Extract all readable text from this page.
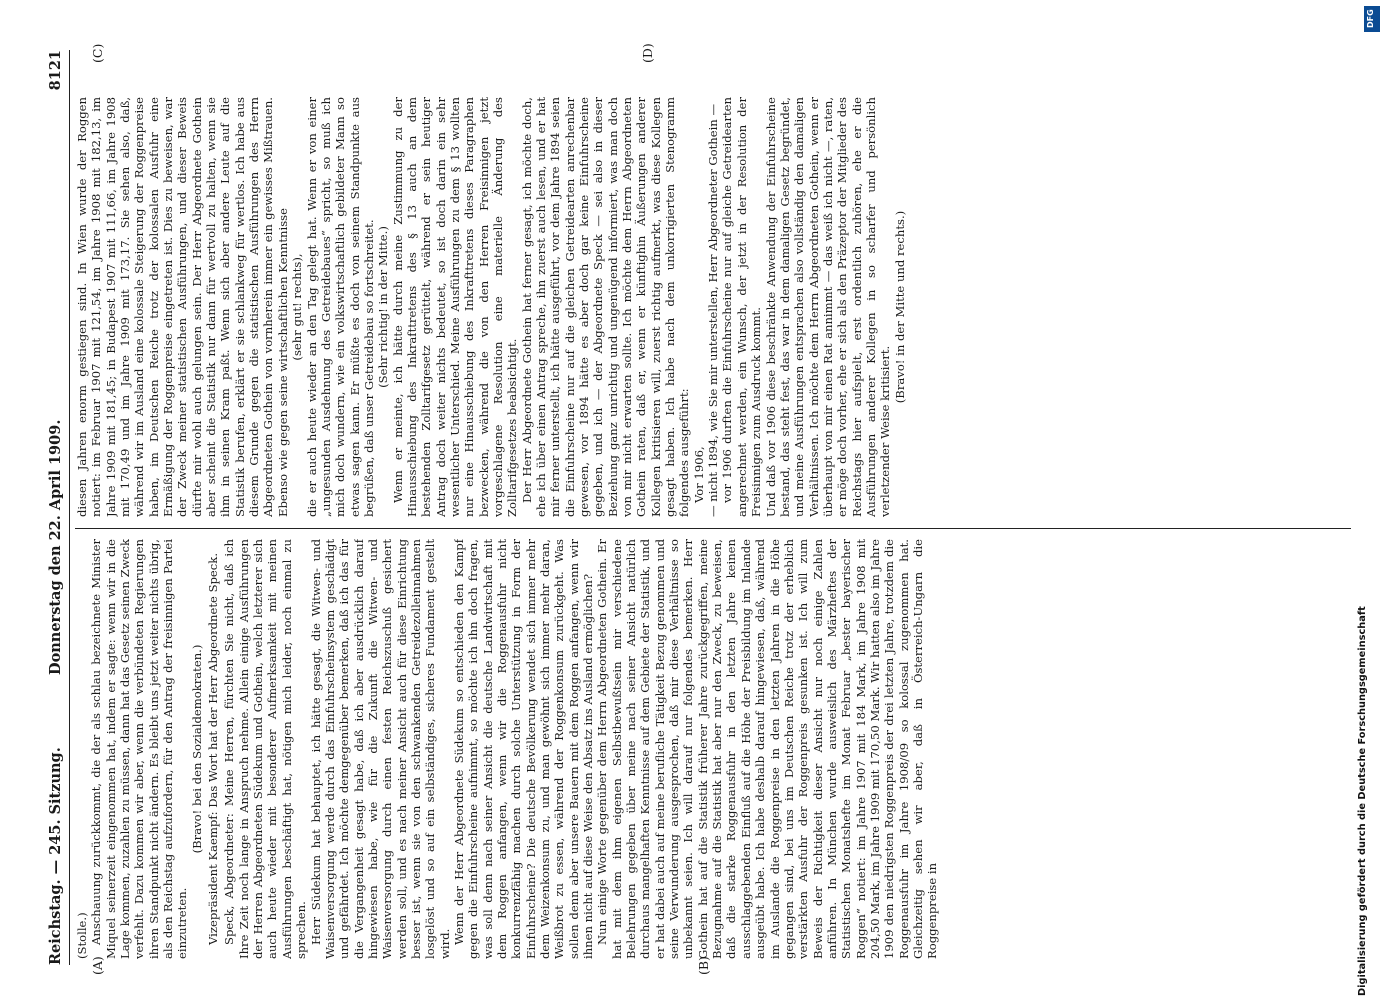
Reichstag. — 245. Sitzung.
Donnerstag den 22. April 1909.
8121
(A)	(B)
(C)	(D)

(Stolle.) Anschauung zurückkommt, die der als schlau bezeichnete Minister Miquel seinerzeit eingenommen hat, indem er sagte: wenn wir in die Lage kommen, zuzahlen zu müssen, dann hat das Gesetz seinen Zweck verfehlt. Dazu kommen wir aber, wenn die verbündeten Regierungen ihren Standpunkt nicht ändern. Es bleibt uns jetzt weiter nichts übrig, als den Reichstag aufzufordern, für den Antrag der freisinnigen Partei einzutreten.

(Bravo! bei den Sozialdemokraten.) Vizepräsident Kaempf: Das Wort hat der Herr Abgeordnete Speck. Speck, Abgeordneter: Meine Herren, fürchten Sie nicht, daß ich Ihre Zeit noch lange in Anspruch nehme. Allein einige Ausführungen der Herren Abgeordneten Südekum und Gothein, welch letzterer sich auch heute wieder mit besonderer Aufmerksamkeit mit meinen Ausführungen beschäftigt hat, nötigen mich leider, noch einmal zu sprechen. Herr Südekum hat behauptet, ich hätte gesagt, die Witwen- und Waisenversorgung werde durch das Einfuhrscheinsystem geschädigt und gefährdet. Ich möchte demgegenüber bemerken, daß ich das für die Vergangenheit gesagt habe, daß ich aber ausdrücklich darauf hingewiesen habe, wie für die Zukunft die Witwen- und Waisenversorgung durch einen festen Reichszuschuß gesichert werden soll, und es nach meiner Ansicht auch für diese Einrichtung besser ist, wenn sie von den schwankenden Getreidezolleinnahmen losgelöst und so auf ein selbständiges, sicheres Fundament gestellt wird. Wenn der Herr Abgeordnete Südekum so entschieden den Kampf gegen die Einfuhrscheine aufnimmt, so möchte ich ihn doch fragen, was soll denn nach seiner Ansicht die deutsche Landwirtschaft mit dem Roggen anfangen, wenn wir die Roggenausfuhr nicht konkurrenzfähig machen durch solche Unterstützung in Form der Einfuhrscheine? Die deutsche Bevölkerung wendet sich immer mehr dem Weizenkonsum zu, und man gewöhnt sich immer mehr daran, Weißbrot zu essen, während der Roggenkonsum zurückgeht. Was sollen denn aber unsere Bauern mit dem Roggen anfangen, wenn wir ihnen nicht auf diese Weise den Absatz ins Ausland ermöglichen? Nun einige Worte gegenüber dem Herrn Abgeordneten Gothein. Er hat mit dem ihm eigenen Selbstbewußtsein mir verschiedene Belehrungen gegeben über meine nach seiner Ansicht natürlich durchaus mangelhaften Kenntnisse auf dem Gebiete der Statistik, und er hat dabei auch auf meine berufliche Tätigkeit Bezug genommen und seine Verwunderung ausgesprochen, daß mir diese Verhältnisse so unbekannt seien. Ich will darauf nur folgendes bemerken. Herr Gothein hat auf die Statistik früherer Jahre zurückgegriffen, meine Bezugnahme auf die Statistik hat aber nur den Zweck, zu beweisen, daß die starke Roggenausfuhr in den letzten Jahre keinen ausschlaggebenden Einfluß auf die Höhe der Preisbildung im Inlande ausgeübt habe. Ich habe deshalb darauf hingewiesen, daß, während im Auslande die Roggenpreise in den letzten Jahren in die Höhe gegangen sind, bei uns im Deutschen Reiche trotz der erheblich verstärkten Ausfuhr der Roggenpreis gesunken ist. Ich will zum Beweis der Richtigkeit dieser Ansicht nur noch einige Zahlen anführen. In München wurde ausweislich des Märzheftes der Statistischen Monatshefte im Monat Februar „bester bayerischer Roggen“ notiert: im Jahre 1907 mit 184 Mark, im Jahre 1908 mit 204,50 Mark, im Jahre 1909 mit 170,50 Mark. Wir hatten also im Jahre 1909 den niedrigsten Roggenpreis der drei letzten Jahre, trotzdem die Roggenausfuhr im Jahre 1908/09 so kolossal zugenommen hat. Gleichzeitig sehen wir aber, daß in Österreich-Ungarn die Roggenpreise in

diesen Jahren enorm gestiegen sind. In Wien wurde der Roggen notiert: im Februar 1907 mit 121,54, im Jahre 1908 mit 182,13, im Jahre 1909 mit 181,45; in Budapest 1907 mit 111,66, im Jahre 1908 mit 170,49 und im Jahre 1909 mit 173,17. Sie sehen also, daß, während wir im Ausland eine kolossale Steigerung der Roggenpreise haben, im Deutschen Reiche trotz der kolossalen Ausfuhr eine Ermäßigung der Roggenpreise eingetreten ist. Dies zu beweisen, war der Zweck meiner statistischen Ausführungen, und dieser Beweis dürfte mir wohl auch gelungen sein. Der Herr Abgeordnete Gothein aber scheint die Statistik nur dann für wertvoll zu halten, wenn sie ihm in seinen Kram paßt. Wenn sich aber andere Leute auf die Statistik berufen, erklärt er sie schlankweg für wertlos. Ich habe aus diesem Grunde gegen die statistischen Ausführungen des Herrn Abgeordneten Gothein von vornherein immer ein gewisses Mißtrauen. Ebenso wie gegen seine wirtschaftlichen Kenntnisse (sehr gut! rechts), die er auch heute wieder an den Tag gelegt hat. Wenn er von einer „ungesunden Ausdehnung des Getreidebaues“ spricht, so muß ich mich doch wundern, wie ein volkswirtschaftlich gebildeter Mann so etwas sagen kann. Er müßte es doch von seinem Standpunkte aus begrüßen, daß unser Getreidebau so fortschreitet. (Sehr richtig! in der Mitte.) Wenn er meinte, ich hätte durch meine Zustimmung zu der Hinausschiebung des Inkrafttretens des § 13 auch an dem bestehenden Zolltarifgesetz gerüttelt, während er sein heutiger Antrag doch weiter nichts bedeutet, so ist doch darin ein sehr wesentlicher Unterschied. Meine Ausführungen zu dem § 13 wollten nur eine Hinausschiebung des Inkrafttretens dieses Paragraphen bezwecken, während die von den Herren Freisinnigen jetzt vorgeschlagene Resolution eine materielle Änderung des Zolltarifgesetzes beabsichtigt. Der Herr Abgeordnete Gothein hat ferner gesagt, ich möchte doch, ehe ich über einen Antrag spreche, ihn zuerst auch lesen, und er hat mir ferner unterstellt, ich hätte ausgeführt, vor dem Jahre 1894 seien die Einfuhrscheine nur auf die gleichen Getreidearten anrechenbar gewesen, vor 1894 hätte es aber doch gar keine Einfuhrscheine gegeben, und ich — der Abgeordnete Speck — sei also in dieser Beziehung ganz unrichtig und ungenügend informiert, was man doch von mir nicht erwarten sollte. Ich möchte dem Herrn Abgeordneten Gothein raten, daß er, wenn er künftighin Äußerungen anderer Kollegen kritisieren will, zuerst richtig aufmerkt, was diese Kollegen gesagt haben. Ich habe nach dem unkorrigierten Stenogramm folgendes ausgeführt: Vor 1906, — nicht 1894, wie Sie mir unterstellen, Herr Abgeordneter Gothein — vor 1906 durften die Einfuhrscheine nur auf gleiche Getreidearten angerechnet werden, ein Wunsch, der jetzt in der Resolution der Freisinnigen zum Ausdruck kommt. Und daß vor 1906 diese beschränkte Anwendung der Einfuhrscheine bestand, das steht fest, das war in dem damaligen Gesetz begründet, und meine Ausführungen entsprachen also vollständig den damaligen Verhältnissen. Ich möchte dem Herrn Abgeordneten Gothein, wenn er überhaupt von mir einen Rat annimmt — das weiß ich nicht —, raten, er möge doch vorher, ehe er sich als den Präzeptor der Mitglieder des Reichstags hier aufspielt, erst ordentlich zuhören, ehe er die Ausführungen anderer Kollegen in so scharfer und persönlich verletzender Weise kritisiert.

(Bravo! in der Mitte und rechts.)

Digitalisierung gefördert durch die Deutsche Forschungsgemeinschaft
DFG
